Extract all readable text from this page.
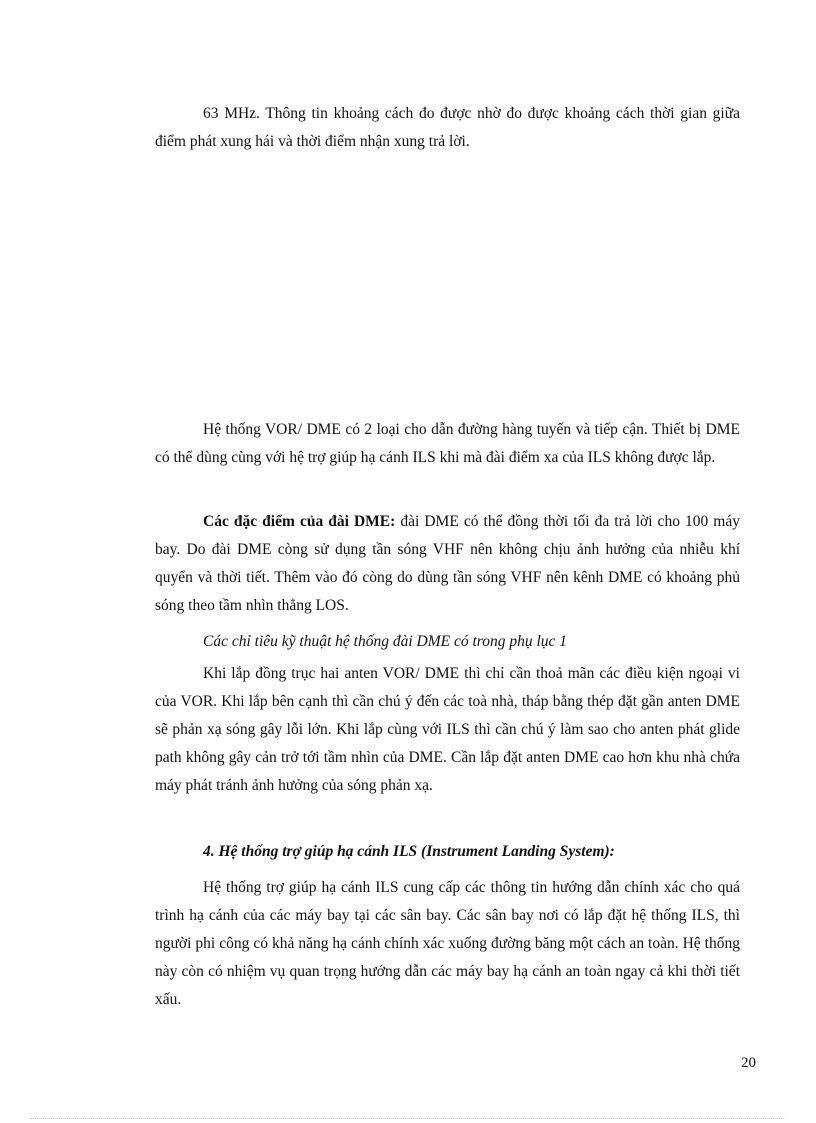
63 MHz. Thông tin khoảng cách đo được nhờ đo được khoảng cách thời gian giữa điểm phát xung hái và thời điểm nhận xung trả lời.

Hệ thống VOR/ DME có 2 loại cho dẫn đường hàng tuyến và tiếp cận. Thiết bị DME có thể dùng cùng với hệ trợ giúp hạ cánh ILS khi mà đài điểm xa của ILS không được lắp.

Các đặc điểm của đài DME: đài DME có thể đồng thời tối đa trả lời cho 100 máy bay. Do đài DME còng sử dụng tần sóng VHF nên không chịu ảnh hưởng của nhiễu khí quyển và thời tiết. Thêm vào đó còng do dùng tần sóng VHF nên kênh DME có khoảng phủ sóng theo tầm nhìn thẳng LOS.

Các chỉ tiêu kỹ thuật hệ thống đài DME có trong phụ lục 1

Khi lắp đồng trục hai anten VOR/ DME thì chỉ cần thoả mãn các điều kiện ngoại vi của VOR. Khi lắp bên cạnh thì cần chú ý đến các toà nhà, tháp bằng thép đặt gần anten DME sẽ phản xạ sóng gây lỗi lớn. Khi lắp cùng với ILS thì cần chú ý làm sao cho anten phát glide path không gây cản trở tới tầm nhìn của DME. Cần lắp đặt anten DME cao hơn khu nhà chứa máy phát tránh ảnh hưởng của sóng phản xạ.

4. Hệ thống trợ giúp hạ cánh ILS (Instrument Landing System):

Hệ thống trợ giúp hạ cánh ILS cung cấp các thông tin hướng dẫn chính xác cho quá trình hạ cánh của các máy bay tại các sân bay. Các sân bay nơi có lắp đặt hệ thống ILS, thì người phi công có khả năng hạ cánh chính xác xuống đường băng một cách an toàn. Hệ thống này còn có nhiệm vụ quan trọng hướng dẫn các máy bay hạ cánh an toàn ngay cả khi thời tiết xấu.

20
